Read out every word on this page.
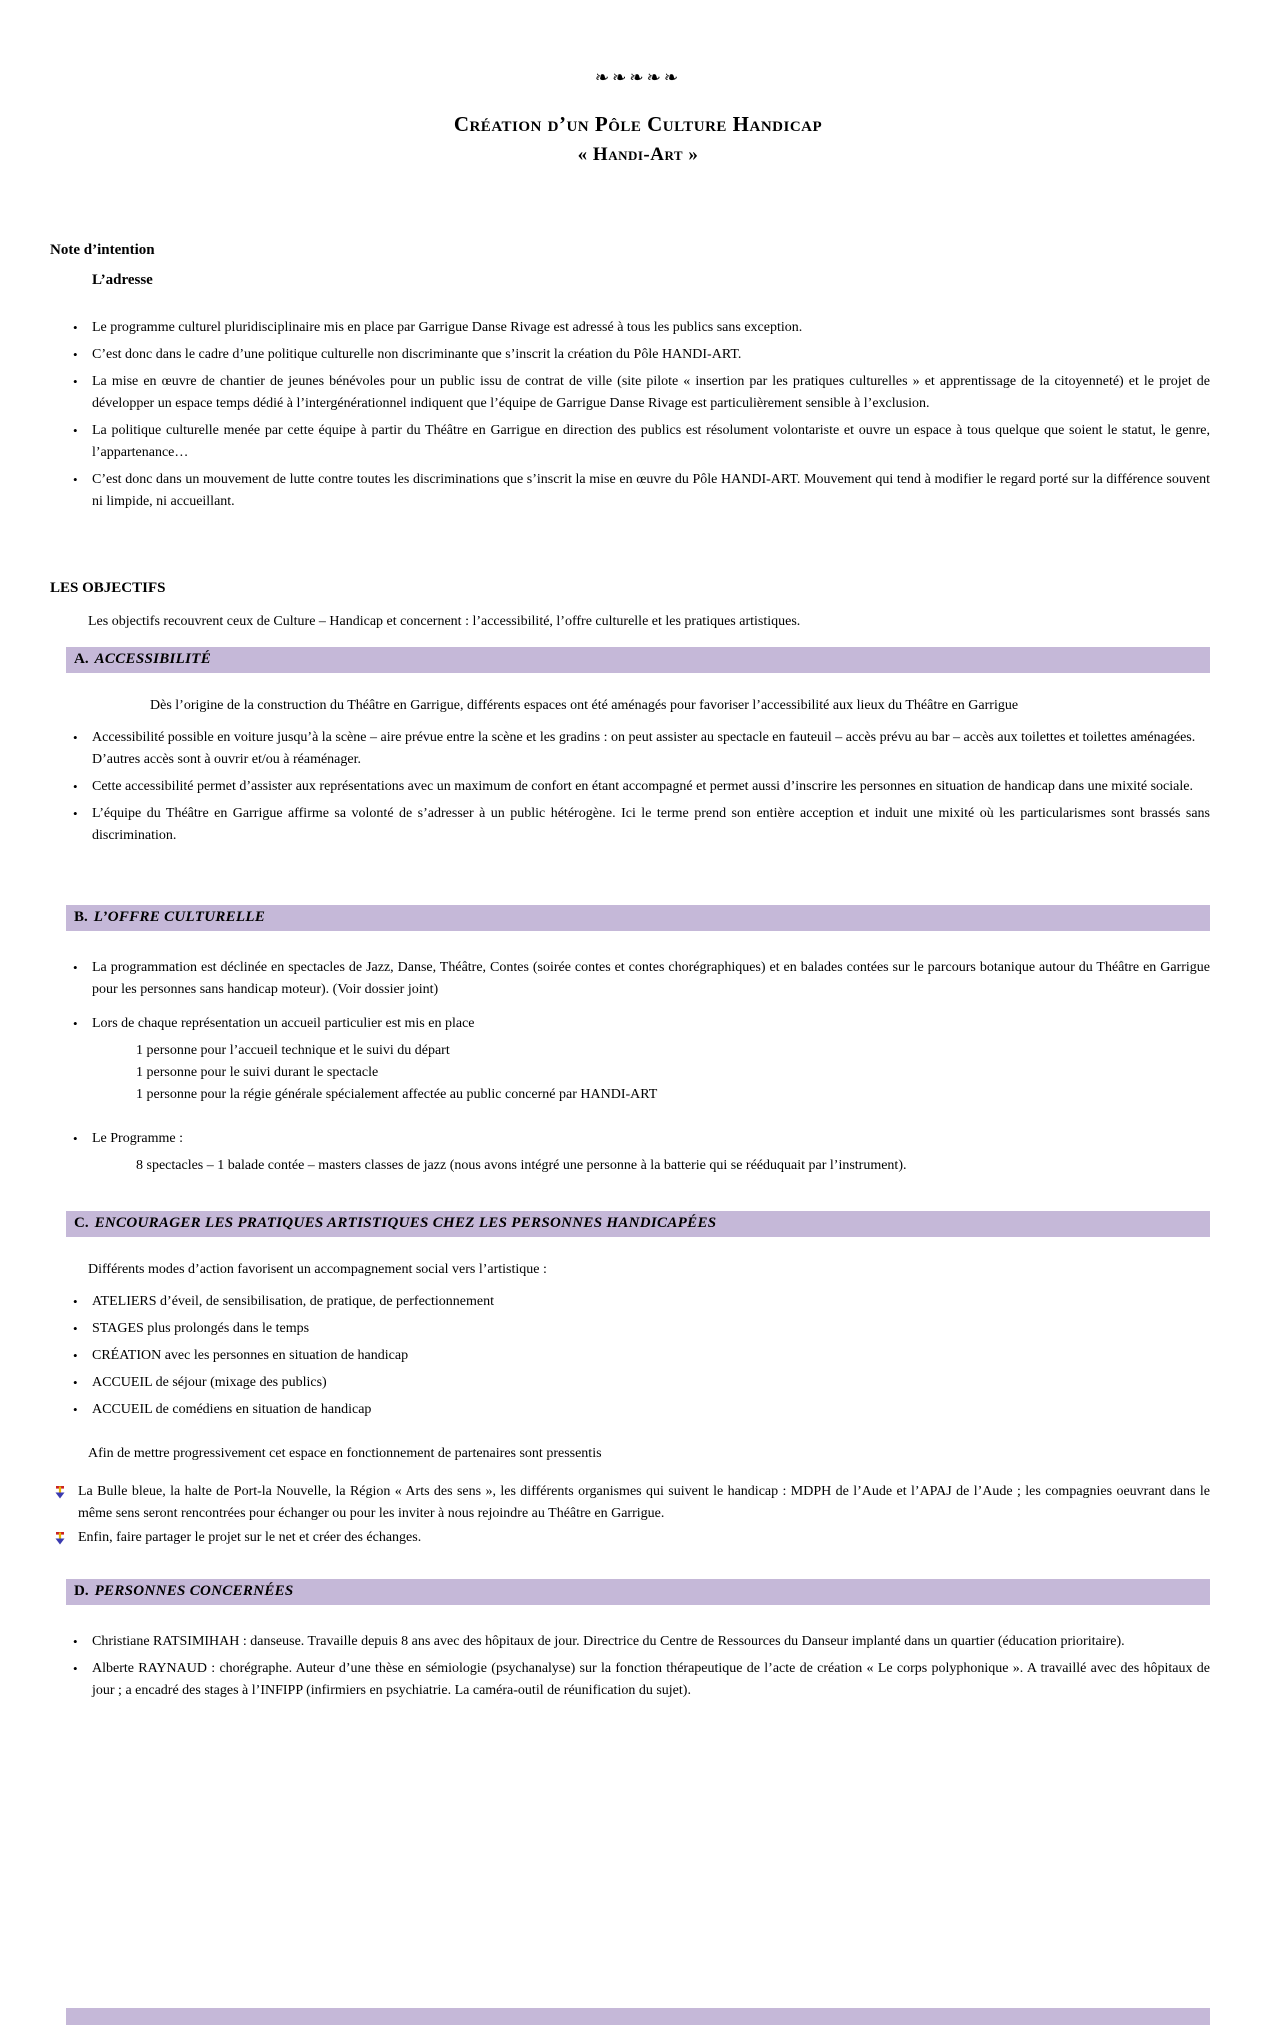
❧❧❧❧❧
Création d’un Pôle Culture Handicap
« Handi-Art »
Note d’intention
L’adresse
• Le programme culturel pluridisciplinaire mis en place par Garrigue Danse Rivage est adressé à tous les publics sans exception.
• C’est donc dans le cadre d’une politique culturelle non discriminante que s’inscrit la création du Pôle HANDI-ART.
• La mise en œuvre de chantier de jeunes bénévoles pour un public issu de contrat de ville (site pilote « insertion par les pratiques culturelles » et apprentissage de la citoyenneté) et le projet de développer un espace temps dédié à l’intergénérationnel indiquent que l’équipe de Garrigue Danse Rivage est particulièrement sensible à l’exclusion.
• La politique culturelle menée par cette équipe à partir du Théâtre en Garrigue en direction des publics est résolument volontariste et ouvre un espace à tous quelque que soient le statut, le genre, l’appartenance…
• C’est donc dans un mouvement de lutte contre toutes les discriminations que s’inscrit la mise en œuvre du Pôle HANDI-ART. Mouvement qui tend à modifier le regard porté sur la différence souvent ni limpide, ni accueillant.
LES OBJECTIFS
Les objectifs recouvrent ceux de Culture – Handicap et concernent : l’accessibilité, l’offre culturelle et les pratiques artistiques.
A. ACCESSIBILITÉ
Dès l’origine de la construction du Théâtre en Garrigue, différents espaces ont été aménagés pour favoriser l’accessibilité aux lieux du Théâtre en Garrigue
• Accessibilité possible en voiture jusqu’à la scène – aire prévue entre la scène et les gradins : on peut assister au spectacle en fauteuil – accès prévu au bar – accès aux toilettes et toilettes aménagées.
D’autres accès sont à ouvrir et/ou à réaménager.
• Cette accessibilité permet d’assister aux représentations avec un maximum de confort en étant accompagné et permet aussi d’inscrire les personnes en situation de handicap dans une mixité sociale.
• L’équipe du Théâtre en Garrigue affirme sa volonté de s’adresser à un public hétérogène. Ici le terme prend son entière acception et induit une mixité où les particularismes sont brassés sans discrimination.
B. L’OFFRE CULTURELLE
• La programmation est déclinée en spectacles de Jazz, Danse, Théâtre, Contes (soirée contes et contes chorégraphiques) et en balades contées sur le parcours botanique autour du Théâtre en Garrigue pour les personnes sans handicap moteur). (Voir dossier joint)
• Lors de chaque représentation un accueil particulier est mis en place
1 personne pour l’accueil technique et le suivi du départ
1 personne pour le suivi durant le spectacle
1 personne pour la régie générale spécialement affectée au public concerné par HANDI-ART
• Le Programme :
8 spectacles – 1 balade contée – masters classes de jazz (nous avons intégré une personne à la batterie qui se rééduquait par l’instrument).
C. ENCOURAGER LES PRATIQUES ARTISTIQUES CHEZ LES PERSONNES HANDICAPÉES
Différents modes d’action favorisent un accompagnement social vers l’artistique :
• ATELIERS d’éveil, de sensibilisation, de pratique, de perfectionnement
• STAGES plus prolongés dans le temps
• CRÉATION avec les personnes en situation de handicap
• ACCUEIL de séjour (mixage des publics)
• ACCUEIL de comédiens en situation de handicap
Afin de mettre progressivement cet espace en fonctionnement de partenaires sont pressentis
La Bulle bleue, la halte de Port-la Nouvelle, la Région « Arts des sens », les différents organismes qui suivent le handicap : MDPH de l’Aude et l’APAJ de l’Aude ; les compagnies oeuvrant dans le même sens seront rencontrées pour échanger ou pour les inviter à nous rejoindre au Théâtre en Garrigue.
Enfin, faire partager le projet sur le net et créer des échanges.
D. PERSONNES CONCERNÉES
• Christiane RATSIMIHAH : danseuse. Travaille depuis 8 ans avec des hôpitaux de jour. Directrice du Centre de Ressources du Danseur implanté dans un quartier (éducation prioritaire).
• Alberte RAYNAUD : chorégraphe. Auteur d’une thèse en sémiologie (psychanalyse) sur la fonction thérapeutique de l’acte de création « Le corps polyphonique ». A travaillé avec des hôpitaux de jour ; a encadré des stages à l’INFIPP (infirmiers en psychiatrie. La caméra-outil de réunification du sujet).
